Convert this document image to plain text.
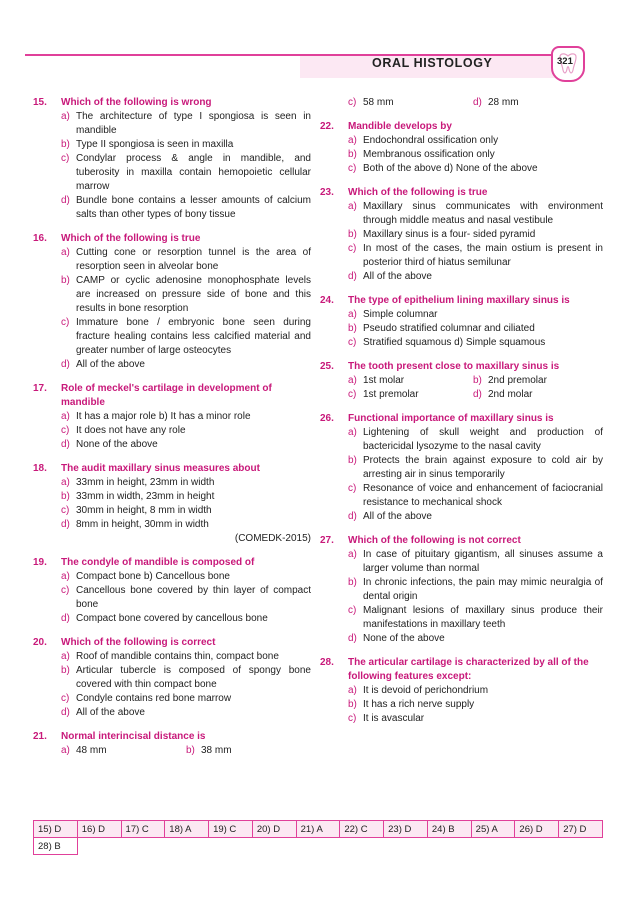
ORAL HISTOLOGY	321
15.	Which of the following is wrong
a) The architecture of type I spongiosa is seen in mandible
b) Type II spongiosa is seen in maxilla
c) Condylar process & angle in mandible, and tuberosity in maxilla contain hemopoietic cellular marrow
d) Bundle bone contains a lesser amounts of calcium salts than other types of bony tissue
16.	Which of the following is true
a) Cutting cone or resorption tunnel is the area of resorption seen in alveolar bone
b) CAMP or cyclic adenosine monophosphate levels are increased on pressure side of bone and this results in bone resorption
c) Immature bone / embryonic bone seen during fracture healing contains less calcified material and greater number of large osteocytes
d) All of the above
17.	Role of meckel's cartilage in development of mandible
a) It has a major role b) It has a minor role
c) It does not have any role
d) None of the above
18.	The audit maxillary sinus measures about
a) 33mm in height, 23mm in width
b) 33mm in width, 23mm in height
c) 30mm in height, 8 mm in width
d) 8mm in height, 30mm in width
(COMEDK-2015)
19.	The condyle of mandible is composed of
a) Compact bone b) Cancellous bone
c) Cancellous bone covered by thin layer of compact bone
d) Compact bone covered by cancellous bone
20.	Which of the following is correct
a) Roof of mandible contains thin, compact bone
b) Articular tubercle is composed of spongy bone covered with thin compact bone
c) Condyle contains red bone marrow
d) All of the above
21.	Normal interincisal distance is
a) 48 mm	b) 38 mm
c) 58 mm	d) 28 mm
22.	Mandible develops by
a) Endochondral ossification only
b) Membranous ossification only
c) Both of the above d) None of the above
23.	Which of the following is true
a) Maxillary sinus communicates with environment through middle meatus and nasal vestibule
b) Maxillary sinus is a four- sided pyramid
c) In most of the cases, the main ostium is present in posterior third of hiatus semilunar
d) All of the above
24.	The type of epithelium lining maxillary sinus is
a) Simple columnar
b) Pseudo stratified columnar and ciliated
c) Stratified squamous d) Simple squamous
25.	The tooth present close to maxillary sinus is
a) 1st molar	b) 2nd premolar
c) 1st premolar	d) 2nd molar
26.	Functional importance of maxillary sinus is
a) Lightening of skull weight and production of bactericidal lysozyme to the nasal cavity
b) Protects the brain against exposure to cold air by arresting air in sinus temporarily
c) Resonance of voice and enhancement of faciocranial resistance to mechanical shock
d) All of the above
27.	Which of the following is not correct
a) In case of pituitary gigantism, all sinuses assume a larger volume than normal
b) In chronic infections, the pain may mimic neuralgia of dental origin
c) Malignant lesions of maxillary sinus produce their manifestations in maxillary teeth
d) None of the above
28.	The articular cartilage is characterized by all of the following features except:
a) It is devoid of perichondrium
b) It has a rich nerve supply
c) It is avascular
15) D	16) D	17) C	18) A	19) C	20) D	21) A	22) C	23) D	24) B	25) A	26) D	27) D
28) B
